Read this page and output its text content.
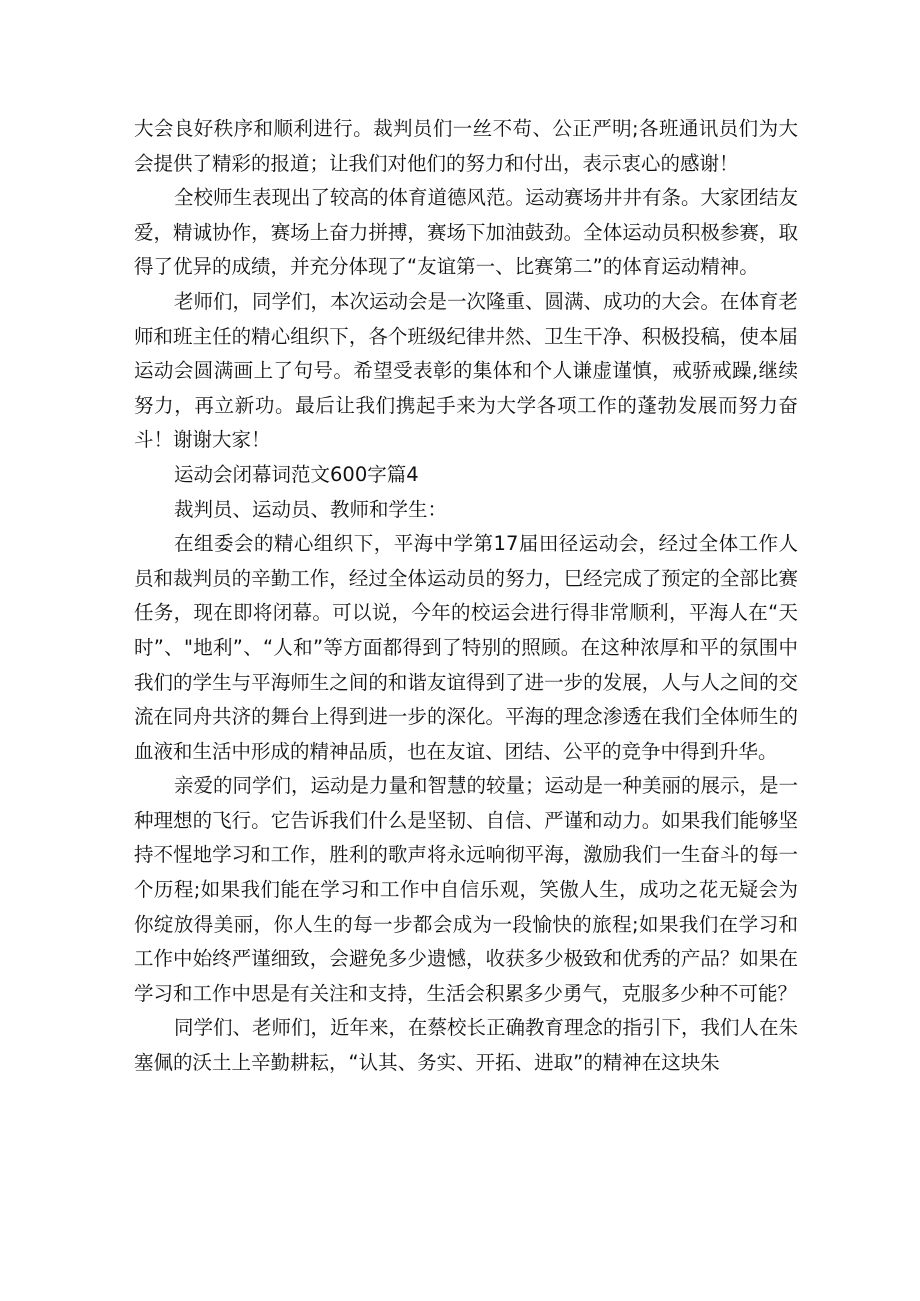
大会良好秩序和顺利进行。裁判员们一丝不苟、公正严明;各班通讯员们为大会提供了精彩的报道；让我们对他们的努力和付出，表示衷心的感谢！

全校师生表现出了较高的体育道德风范。运动赛场井井有条。大家团结友爱，精诚协作，赛场上奋力拼搏，赛场下加油鼓劲。全体运动员积极参赛，取得了优异的成绩，并充分体现了“友谊第一、比赛第二”的体育运动精神。

老师们，同学们，本次运动会是一次隆重、圆满、成功的大会。在体育老师和班主任的精心组织下，各个班级纪律井然、卫生干净、积极投稿，使本届运动会圆满画上了句号。希望受表彰的集体和个人谦虚谨慎，戒骄戒躁,继续努力，再立新功。最后让我们携起手来为大学各项工作的蓬勃发展而努力奋斗！谢谢大家！

运动会闭幕词范文600字篇4

裁判员、运动员、教师和学生：

在组委会的精心组织下，平海中学第17届田径运动会，经过全体工作人员和裁判员的辛勤工作，经过全体运动员的努力，巳经完成了预定的全部比赛任务，现在即将闭幕。可以说，今年的校运会进行得非常顺利，平海人在“天时”、"地利”、“人和”等方面都得到了特别的照顾。在这种浓厚和平的氛围中 我们的学生与平海师生之间的和谐友谊得到了进一步的发展，人与人之间的交流在同舟共济的舞台上得到进一步的深化。平海的理念渗透在我们全体师生的血液和生活中形成的精神品质，也在友谊、团结、公平的竞争中得到升华。

亲爱的同学们，运动是力量和智慧的较量；运动是一种美丽的展示，是一种理想的飞行。它告诉我们什么是坚韧、自信、严谨和动力。如果我们能够坚持不惺地学习和工作，胜利的歌声将永远响彻平海，激励我们一生奋斗的每一个历程;如果我们能在学习和工作中自信乐观，笑傲人生，成功之花无疑会为你绽放得美丽，你人生的每一步都会成为一段愉快的旅程;如果我们在学习和工作中始终严谨细致，会避免多少遗憾，收获多少极致和优秀的产品？如果在学习和工作中思是有关注和支持，生活会积累多少勇气，克服多少种不可能？

同学们、老师们，近年来，在蔡校长正确教育理念的指引下，我们人在朱塞佩的沃土上辛勤耕耘，“认其、务实、开拓、进取”的精神在这块朱
